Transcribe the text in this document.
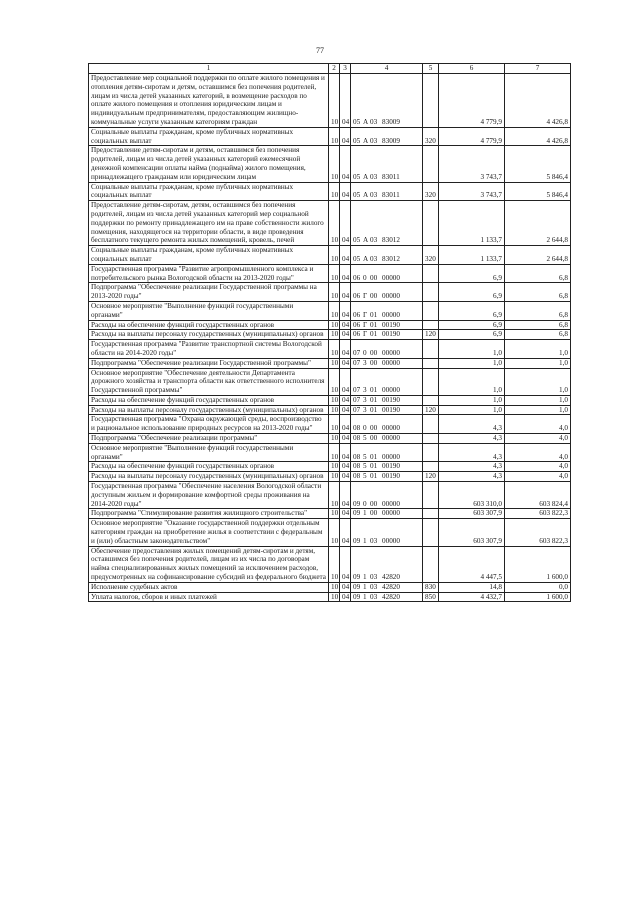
77
1	2	3	4	5	6	7
Предоставление мер социальной поддержки по оплате жилого помещения и отопления детям-сиротам и детям, оставшимся без попечения родителей, лицам из числа детей указанных категорий, в возмещение расходов по оплате жилого помещения и отопления юридическим лицам и индивидуальным предпринимателям, предоставляющим жилищно-коммунальные услуги указанным категориям граждан	10	04	05 А 03 83009		4 779,9	4 426,8
Социальные выплаты гражданам, кроме публичных нормативных социальных выплат	10	04	05 А 03 83009	320	4 779,9	4 426,8
Предоставление детям-сиротам и детям, оставшимся без попечения родителей, лицам из числа детей указанных категорий ежемесячной денежной компенсации оплаты найма (поднайма) жилого помещения, принадлежащего гражданам или юридическим лицам	10	04	05 А 03 83011		3 743,7	5 846,4
Социальные выплаты гражданам, кроме публичных нормативных социальных выплат	10	04	05 А 03 83011	320	3 743,7	5 846,4
Предоставление детям-сиротам, детям, оставшимся без попечения родителей, лицам из числа детей указанных категорий мер социальной поддержки по ремонту принадлежащего им на праве собственности жилого помещения, находящегося на территории области, в виде проведения бесплатного текущего ремонта жилых помещений, кровель, печей	10	04	05 А 03 83012		1 133,7	2 644,8
Социальные выплаты гражданам, кроме публичных нормативных социальных выплат	10	04	05 А 03 83012	320	1 133,7	2 644,8
Государственная программа "Развитие агропромышленного комплекса и потребительского рынка Вологодской области на 2013-2020 годы"	10	04	06 0 00 00000		6,9	6,8
Подпрограмма "Обеспечение реализации Государственной программы на 2013-2020 годы"	10	04	06 Г 00 00000		6,9	6,8
Основное мероприятие "Выполнение функций государственными органами"	10	04	06 Г 01 00000		6,9	6,8
Расходы на обеспечение функций государственных органов	10	04	06 Г 01 00190		6,9	6,8
Расходы на выплаты персоналу государственных (муниципальных) органов	10	04	06 Г 01 00190	120	6,9	6,8
Государственная программа "Развитие транспортной системы Вологодской области на 2014-2020 годы"	10	04	07 0 00 00000		1,0	1,0
Подпрограмма "Обеспечение реализации Государственной программы"	10	04	07 3 00 00000		1,0	1,0
Основное мероприятие "Обеспечение деятельности Департамента дорожного хозяйства и транспорта области как ответственного исполнителя Государственной программы"	10	04	07 3 01 00000		1,0	1,0
Расходы на обеспечение функций государственных органов	10	04	07 3 01 00190		1,0	1,0
Расходы на выплаты персоналу государственных (муниципальных) органов	10	04	07 3 01 00190	120	1,0	1,0
Государственная программа "Охрана окружающей среды, воспроизводство и рациональное использование природных ресурсов на 2013-2020 годы"	10	04	08 0 00 00000		4,3	4,0
Подпрограмма "Обеспечение реализации программы"	10	04	08 5 00 00000		4,3	4,0
Основное мероприятие "Выполнение функций государственными органами"	10	04	08 5 01 00000		4,3	4,0
Расходы на обеспечение функций государственных органов	10	04	08 5 01 00190		4,3	4,0
Расходы на выплаты персоналу государственных (муниципальных) органов	10	04	08 5 01 00190	120	4,3	4,0
Государственная программа "Обеспечение населения Вологодской области доступным жильем и формирование комфортной среды проживания на 2014-2020 годы"	10	04	09 0 00 00000		603 310,0	603 824,4
Подпрограмма "Стимулирование развития жилищного строительства"	10	04	09 1 00 00000		603 307,9	603 822,3
Основное мероприятие "Оказание государственной поддержки отдельным категориям граждан на приобретение жилья в соответствии с федеральным и (или) областным законодательством"	10	04	09 1 03 00000		603 307,9	603 822,3
Обеспечение предоставления жилых помещений детям-сиротам и детям, оставшимся без попечения родителей, лицам из их числа по договорам найма специализированных жилых помещений за исключением расходов, предусмотренных на софинансирование субсидий из федерального бюджета	10	04	09 1 03 42820		4 447,5	1 600,0
Исполнение судебных актов	10	04	09 1 03 42820	830	14,8	0,0
Уплата налогов, сборов и иных платежей	10	04	09 1 03 42820	850	4 432,7	1 600,0
